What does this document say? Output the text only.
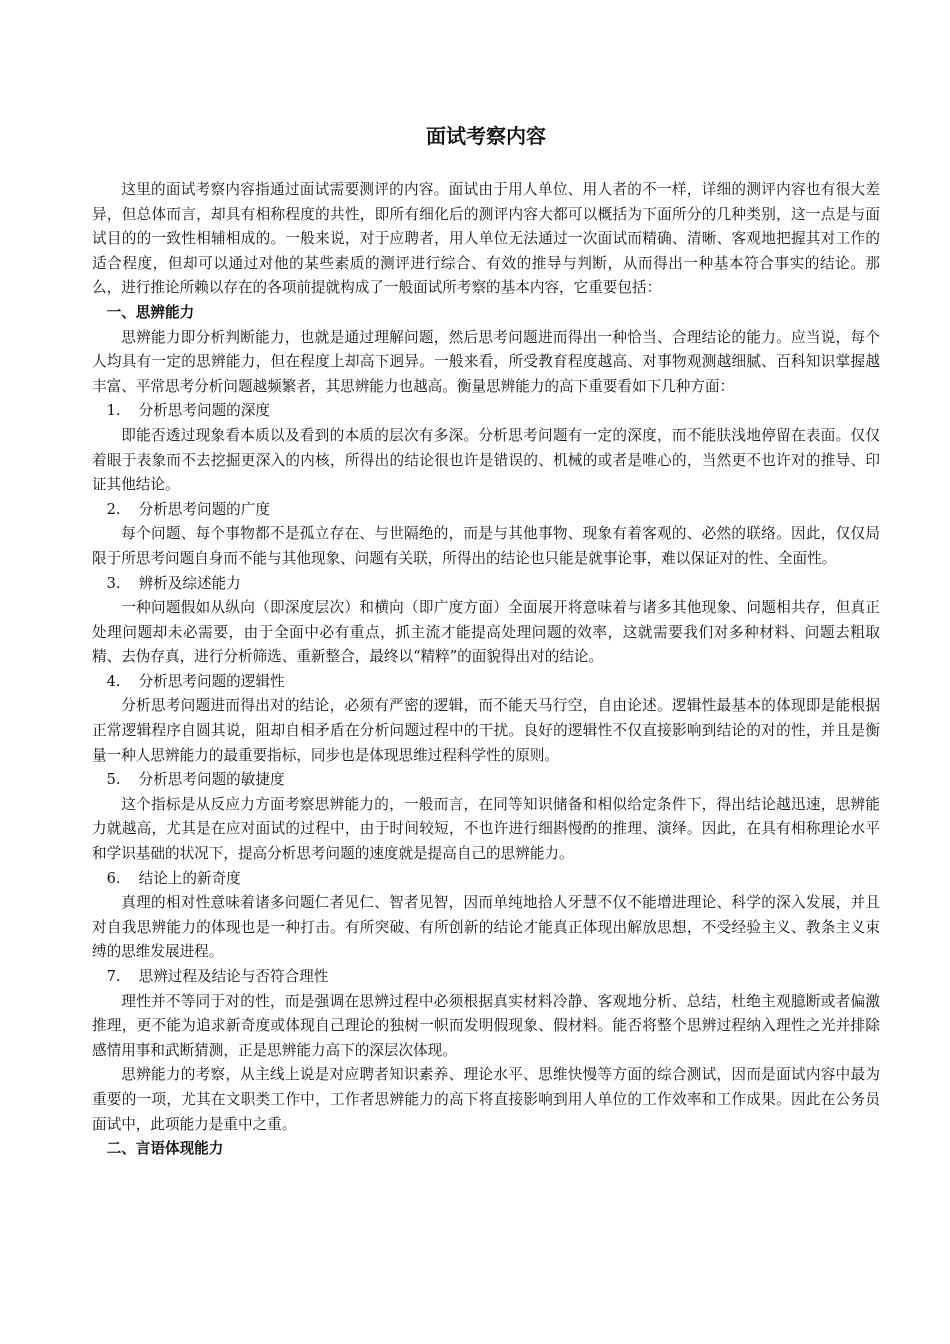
面试考察内容

这里的面试考察内容指通过面试需要测评的内容。面试由于用人单位、用人者的不一样，详细的测评内容也有很大差异，但总体而言，却具有相称程度的共性，即所有细化后的测评内容大都可以概括为下面所分的几种类别，这一点是与面试目的的一致性相辅相成的。一般来说，对于应聘者，用人单位无法通过一次面试而精确、清晰、客观地把握其对工作的适合程度，但却可以通过对他的某些素质的测评进行综合、有效的推导与判断，从而得出一种基本符合事实的结论。那么，进行推论所赖以存在的各项前提就构成了一般面试所考察的基本内容，它重要包括：

一、思辨能力

思辨能力即分析判断能力，也就是通过理解问题，然后思考问题进而得出一种恰当、合理结论的能力。应当说，每个人均具有一定的思辨能力，但在程度上却高下迥异。一般来看，所受教育程度越高、对事物观测越细腻、百科知识掌握越丰富、平常思考分析问题越频繁者，其思辨能力也越高。衡量思辨能力的高下重要看如下几种方面：

1. 分析思考问题的深度

即能否透过现象看本质以及看到的本质的层次有多深。分析思考问题有一定的深度，而不能肤浅地停留在表面。仅仅着眼于表象而不去挖掘更深入的内核，所得出的结论很也许是错误的、机械的或者是唯心的，当然更不也许对的推导、印证其他结论。

2. 分析思考问题的广度

每个问题、每个事物都不是孤立存在、与世隔绝的，而是与其他事物、现象有着客观的、必然的联络。因此，仅仅局限于所思考问题自身而不能与其他现象、问题有关联，所得出的结论也只能是就事论事，难以保证对的性、全面性。

3. 辨析及综述能力

一种问题假如从纵向（即深度层次）和横向（即广度方面）全面展开将意味着与诸多其他现象、问题相共存，但真正处理问题却未必需要，由于全面中必有重点，抓主流才能提高处理问题的效率，这就需要我们对多种材料、问题去粗取精、去伪存真，进行分析筛选、重新整合，最终以“精粹”的面貌得出对的结论。

4. 分析思考问题的逻辑性

分析思考问题进而得出对的结论，必须有严密的逻辑，而不能天马行空，自由论述。逻辑性最基本的体现即是能根据正常逻辑程序自圆其说，阻却自相矛盾在分析问题过程中的干扰。良好的逻辑性不仅直接影响到结论的对的性，并且是衡量一种人思辨能力的最重要指标，同步也是体现思维过程科学性的原则。

5. 分析思考问题的敏捷度

这个指标是从反应力方面考察思辨能力的，一般而言，在同等知识储备和相似给定条件下，得出结论越迅速，思辨能力就越高，尤其是在应对面试的过程中，由于时间较短，不也许进行细斟慢酌的推理、演绎。因此，在具有相称理论水平和学识基础的状况下，提高分析思考问题的速度就是提高自己的思辨能力。

6. 结论上的新奇度

真理的相对性意味着诸多问题仁者见仁、智者见智，因而单纯地拾人牙慧不仅不能增进理论、科学的深入发展，并且对自我思辨能力的体现也是一种打击。有所突破、有所创新的结论才能真正体现出解放思想，不受经验主义、教条主义束缚的思维发展进程。

7. 思辨过程及结论与否符合理性

理性并不等同于对的性，而是强调在思辨过程中必须根据真实材料冷静、客观地分析、总结，杜绝主观臆断或者偏激推理，更不能为追求新奇度或体现自己理论的独树一帜而发明假现象、假材料。能否将整个思辨过程纳入理性之光并排除感情用事和武断猜测，正是思辨能力高下的深层次体现。

思辨能力的考察，从主线上说是对应聘者知识素养、理论水平、思维快慢等方面的综合测试，因而是面试内容中最为重要的一项，尤其在文职类工作中，工作者思辨能力的高下将直接影响到用人单位的工作效率和工作成果。因此在公务员面试中，此项能力是重中之重。

二、言语体现能力
